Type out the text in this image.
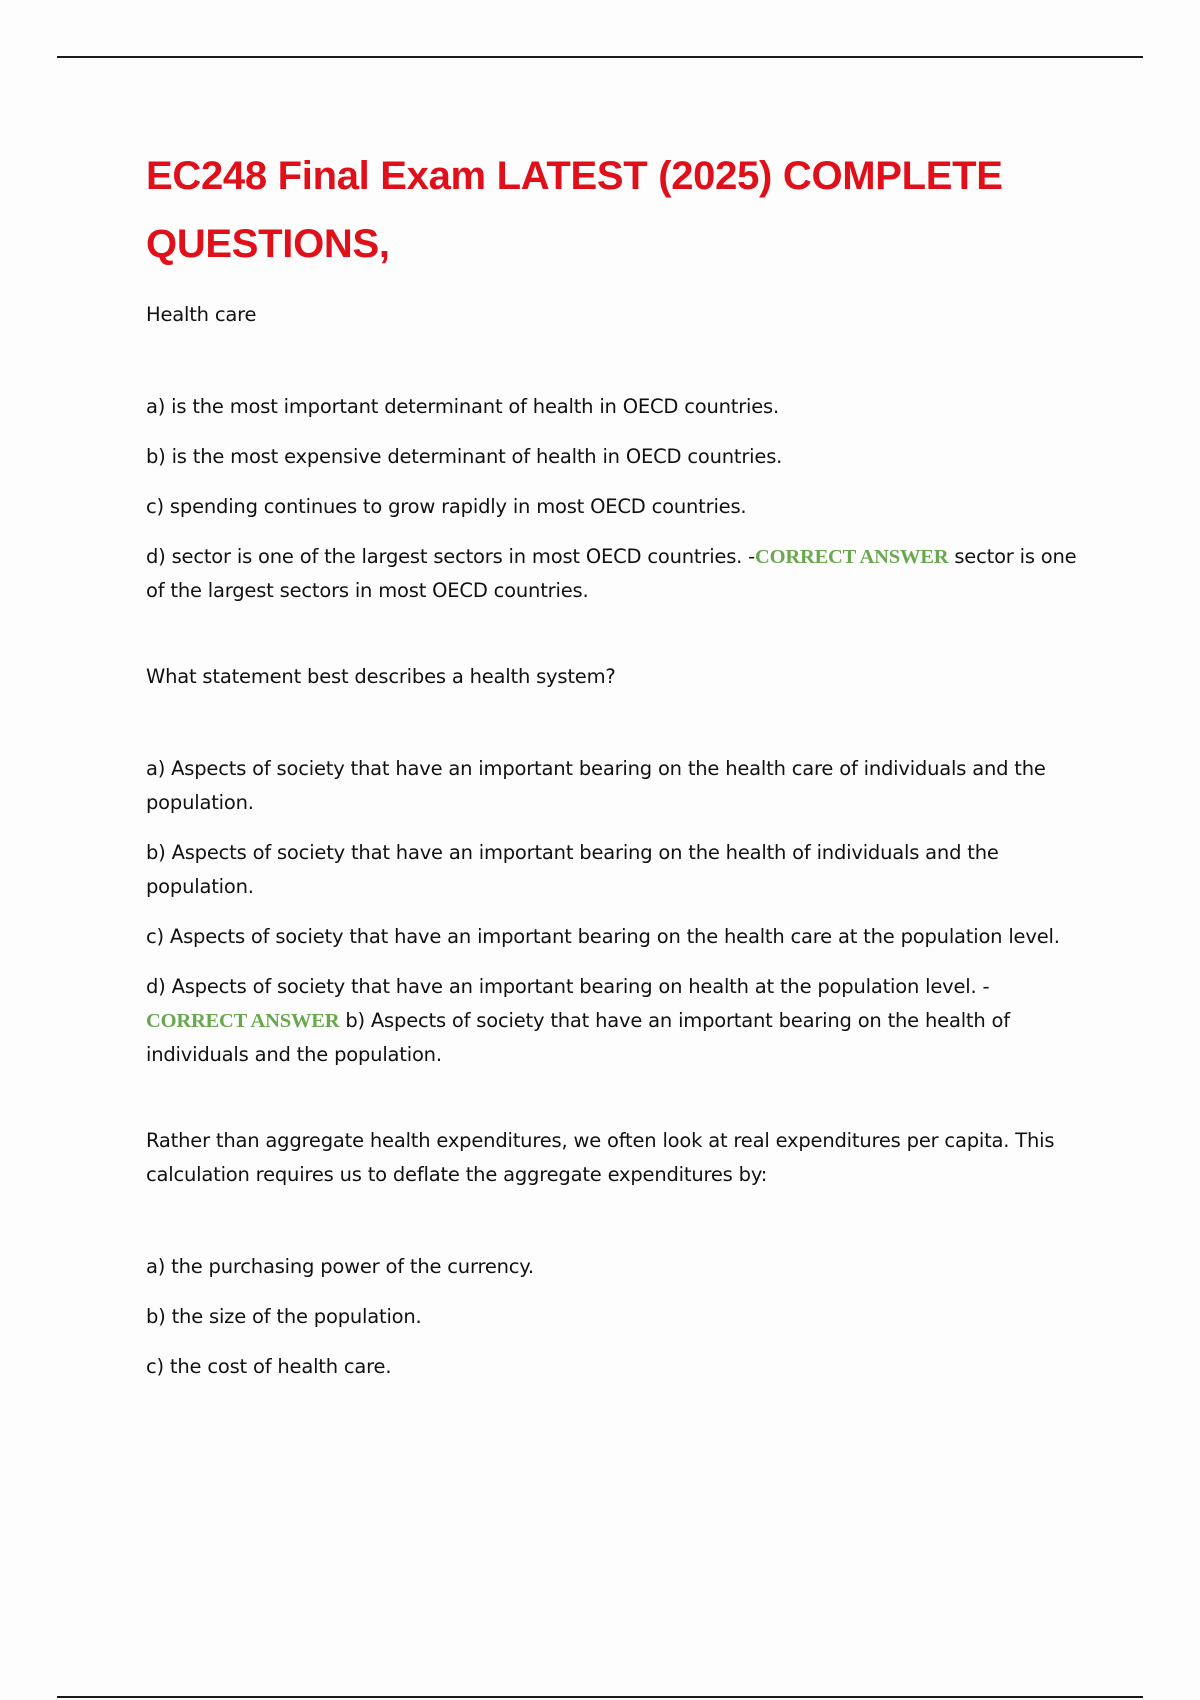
EC248 Final Exam LATEST (2025) COMPLETE QUESTIONS,

Health care

a) is the most important determinant of health in OECD countries.

b) is the most expensive determinant of health in OECD countries.

c) spending continues to grow rapidly in most OECD countries.

d) sector is one of the largest sectors in most OECD countries. -CORRECT ANSWER sector is one of the largest sectors in most OECD countries.

What statement best describes a health system?

a) Aspects of society that have an important bearing on the health care of individuals and the population.

b) Aspects of society that have an important bearing on the health of individuals and the population.

c) Aspects of society that have an important bearing on the health care at the population level.

d) Aspects of society that have an important bearing on health at the population level. -CORRECT ANSWER b) Aspects of society that have an important bearing on the health of individuals and the population.

Rather than aggregate health expenditures, we often look at real expenditures per capita. This calculation requires us to deflate the aggregate expenditures by:

a) the purchasing power of the currency.

b) the size of the population.

c) the cost of health care.
